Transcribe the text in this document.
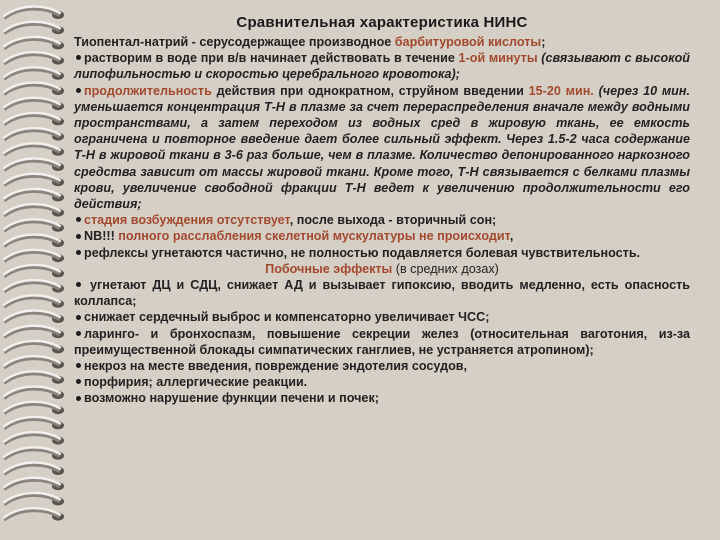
Сравнительная характеристика НИНС

Тиопентал-натрий - серусодержащее производное барбитуровой кислоты;

растворим в воде при в/в начинает действовать в течение 1-ой минуты (связывают с высокой липофильностью и скоростью церебрального кровотока);

продолжительность действия при однократном, струйном введении 15-20 мин. (через 10 мин. уменьшается концентрация Т-Н в плазме за счет перераспределения вначале между водными пространствами, а затем переходом из водных сред в жировую ткань, ее емкость ограничена и повторное введение дает более сильный эффект. Через 1.5-2 часа содержание Т-Н в жировой ткани в 3-6 раз больше, чем в плазме. Количество депонированного наркозного средства зависит от массы жировой ткани. Кроме того, Т-Н связывается с белками плазмы крови, увеличение свободной фракции Т-Н ведет к увеличению продолжительности его действия;

стадия возбуждения отсутствует, после выхода - вторичный сон;

NB!!! полного расслабления скелетной мускулатуры не происходит,

рефлексы угнетаются частично, не полностью подавляется болевая чувствительность.

Побочные эффекты (в средних дозах)

угнетают ДЦ и СДЦ, снижает АД и вызывает гипоксию, вводить медленно, есть опасность коллапса;

снижает сердечный выброс и компенсаторно увеличивает ЧСС;

ларинго- и бронхоспазм, повышение секреции желез (относительная ваготония, из-за преимущественной блокады симпатических ганглиев, не устраняется атропином);

некроз на месте введения, повреждение эндотелия сосудов,

порфирия; аллергические реакции.

возможно нарушение функции печени и почек;
